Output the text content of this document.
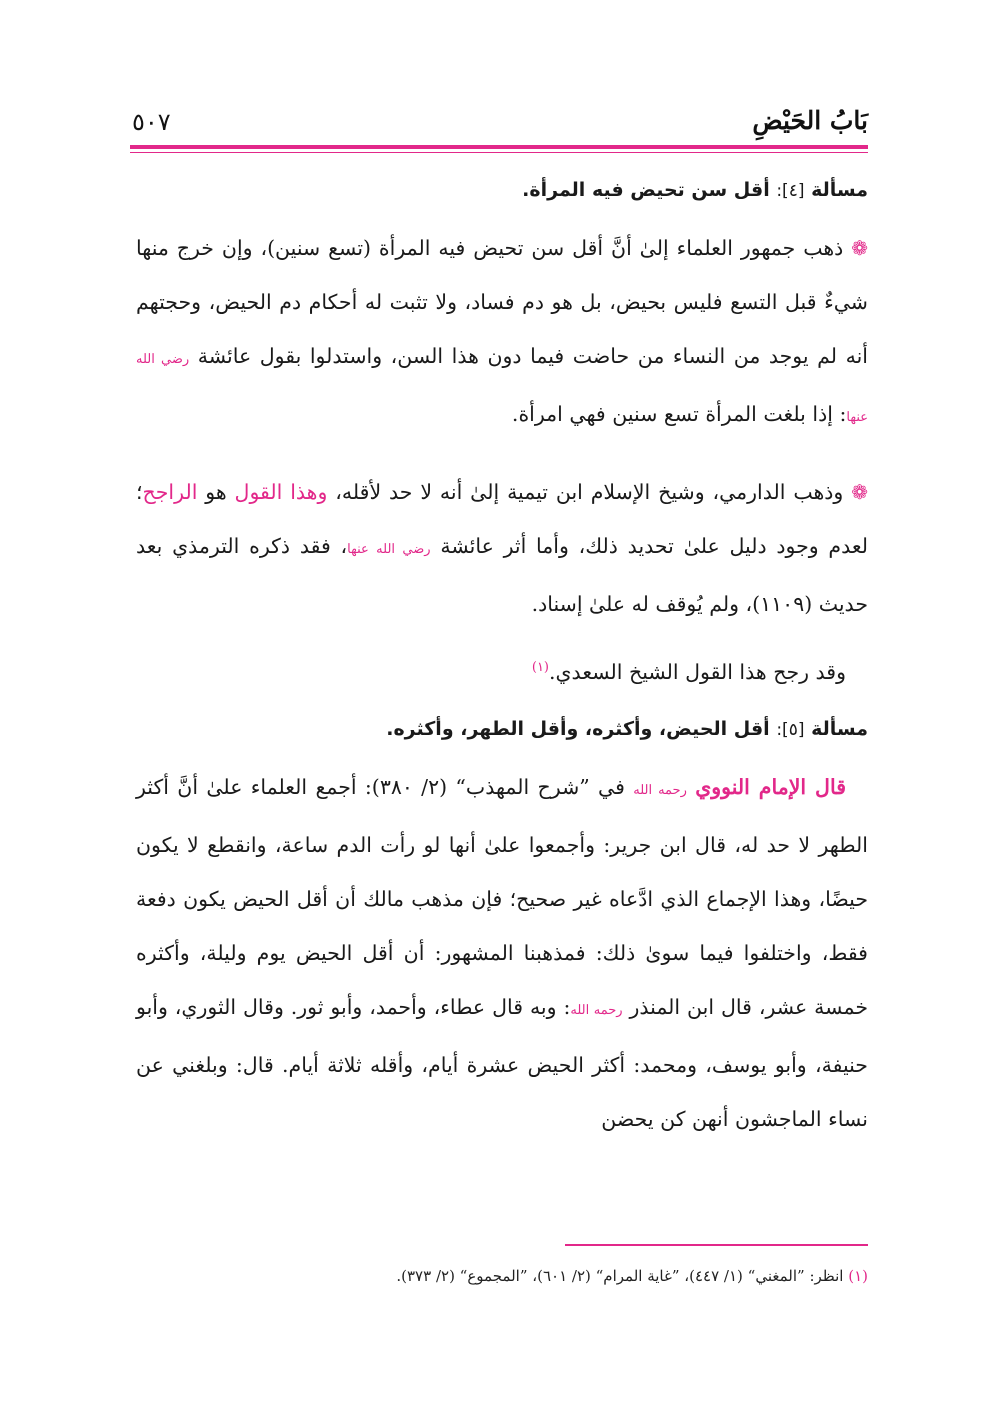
بَابُ الحَيْضِ
٥٠٧

مسألة [٤]: أقل سن تحيض فيه المرأة.

❁ ذهب جمهور العلماء إلىٰ أنَّ أقل سن تحيض فيه المرأة (تسع سنين)، وإن خرج منها شيءٌ قبل التسع فليس بحيض، بل هو دم فساد، ولا تثبت له أحكام دم الحيض، وحجتهم أنه لم يوجد من النساء من حاضت فيما دون هذا السن، واستدلوا بقول عائشة رضي الله عنها: إذا بلغت المرأة تسع سنين فهي امرأة.

❁ وذهب الدارمي، وشيخ الإسلام ابن تيمية إلىٰ أنه لا حد لأقله، وهذا القول هو الراجح؛ لعدم وجود دليل علىٰ تحديد ذلك، وأما أثر عائشة رضي الله عنها، فقد ذكره الترمذي بعد حديث (١١٠٩)، ولم يُوقف له علىٰ إسناد.

وقد رجح هذا القول الشيخ السعدي.$^{(١)}$

مسألة [٥]: أقل الحيض، وأكثره، وأقل الطهر، وأكثره.

قال الإمام النووي رحمه الله في ”شرح المهذب“ (٢/ ٣٨٠): أجمع العلماء علىٰ أنَّ أكثر الطهر لا حد له، قال ابن جرير: وأجمعوا علىٰ أنها لو رأت الدم ساعة، وانقطع لا يكون حيضًا، وهذا الإجماع الذي ادَّعاه غير صحيح؛ فإن مذهب مالك أن أقل الحيض يكون دفعة فقط، واختلفوا فيما سوىٰ ذلك: فمذهبنا المشهور: أن أقل الحيض يوم وليلة، وأكثره خمسة عشر، قال ابن المنذر رحمه الله: وبه قال عطاء، وأحمد، وأبو ثور. وقال الثوري، وأبو حنيفة، وأبو يوسف، ومحمد: أكثر الحيض عشرة أيام، وأقله ثلاثة أيام. قال: وبلغني عن نساء الماجشون أنهن كن يحضن

(١) انظر: ”المغني“ (١/ ٤٤٧)، ”غاية المرام“ (٢/ ٦٠١)، ”المجموع“ (٢/ ٣٧٣).
